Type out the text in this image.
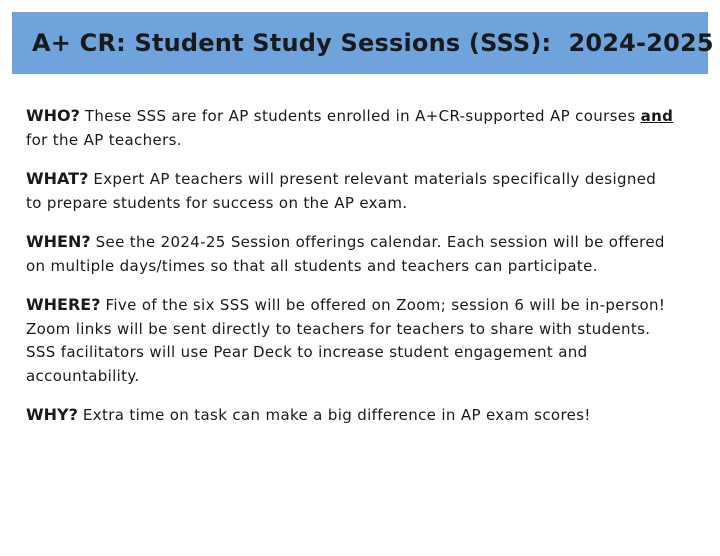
A+ CR: Student Study Sessions (SSS):  2024-2025
WHO? These SSS are for AP students enrolled in A+CR-supported AP courses and for the AP teachers.
WHAT? Expert AP teachers will present relevant materials specifically designed to prepare students for success on the AP exam.
WHEN? See the 2024-25 Session offerings calendar. Each session will be offered on multiple days/times so that all students and teachers can participate.
WHERE? Five of the six SSS will be offered on Zoom; session 6 will be in-person! Zoom links will be sent directly to teachers for teachers to share with students. SSS facilitators will use Pear Deck to increase student engagement and accountability.
WHY? Extra time on task can make a big difference in AP exam scores!
